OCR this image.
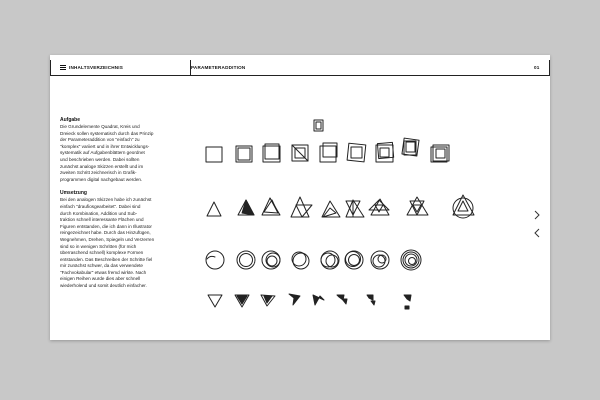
INHALTSVERZEICHNIS	PARAMETERADDITION	01
Aufgabe
Die Grundelemente Quadrat, Kreis und
Dreieck sollen systematisch durch das Prinzip
der Parameteraddition von "einfach" zu
"komplex" variiert und in ihrer Entwicklungs-
systematik auf Aufgabenblättern geordnet
und beschrieben werden. Dabei sollten
zunächst analoge Skizzen erstellt und im
zweiten Schritt zeichnerisch in Grafik-
programmen digital nachgebaut werden.
Umsetzung
Bei den analogen Skizzen habe ich zunächst
einfach "draufiosgearbeitet". Dabei sind
durch Kombination, Addition und Sub-
traktion schnell interessante Flächen und
Figuren entstanden, die ich dann in Illustrator
reingezeichnet habe. Durch das Hinzufügen,
Wegnehmen, Drehen, Spiegeln und Verzerren
sind so in wenigen Schritten (für mich
überraschend schnell) komplexe Formen
entstanden. Das Beschreiben der Schritte fiel
mir zunächst schwer, da das verwendete
"Fachvokabular" etwas fremd wirkte. Nach
einigen Reihen wurde dies aber schnell
wiederholend und somit deutlich einfacher.
